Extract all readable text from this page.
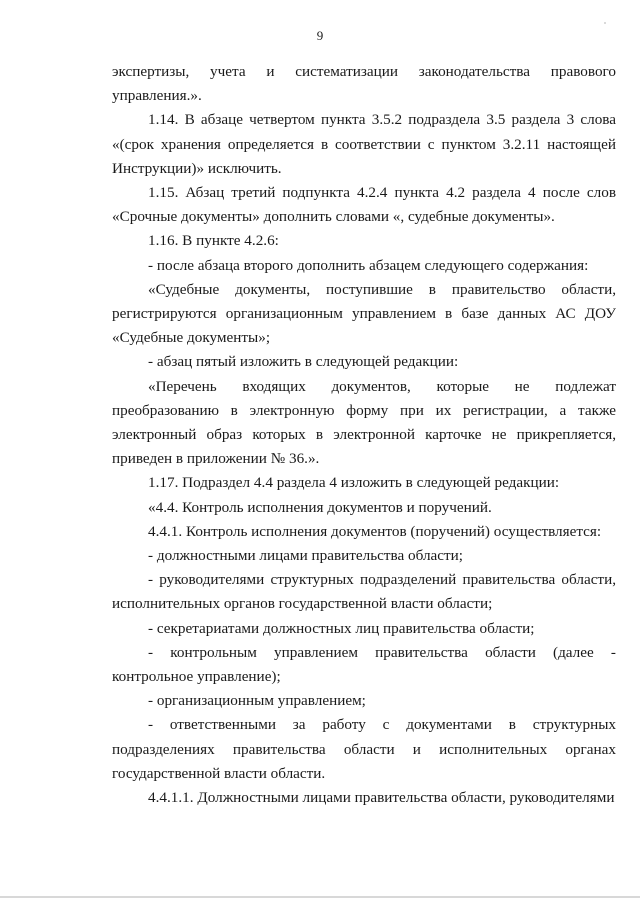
9

экспертизы, учета и систематизации законодательства правового
управления.».

1.14. В абзаце четвертом пункта 3.5.2 подраздела 3.5 раздела 3 слова
«(срок хранения определяется в соответствии с пунктом 3.2.11 настоящей
Инструкции)» исключить.

1.15. Абзац третий подпункта 4.2.4 пункта 4.2 раздела 4 после слов
«Срочные документы» дополнить словами «, судебные документы».

1.16. В пункте 4.2.6:

- после абзаца второго дополнить абзацем следующего содержания:

«Судебные документы, поступившие в правительство области,
регистрируются организационным управлением в базе данных АС ДОУ
«Судебные документы»;

- абзац пятый изложить в следующей редакции:

«Перечень входящих документов, которые не подлежат
преобразованию в электронную форму при их регистрации, а также
электронный образ которых в электронной карточке не прикрепляется,
приведен в приложении № 36.».

1.17. Подраздел 4.4 раздела 4 изложить в следующей редакции:

«4.4. Контроль исполнения документов и поручений.

4.4.1. Контроль исполнения документов (поручений) осуществляется:

- должностными лицами правительства области;

- руководителями структурных подразделений правительства области,
исполнительных органов государственной власти области;

- секретариатами должностных лиц правительства области;

- контрольным управлением правительства области (далее -
контрольное управление);

- организационным управлением;

- ответственными за работу с документами в структурных
подразделениях правительства области и исполнительных органах
государственной власти области.

4.4.1.1. Должностными лицами правительства области, руководителями
